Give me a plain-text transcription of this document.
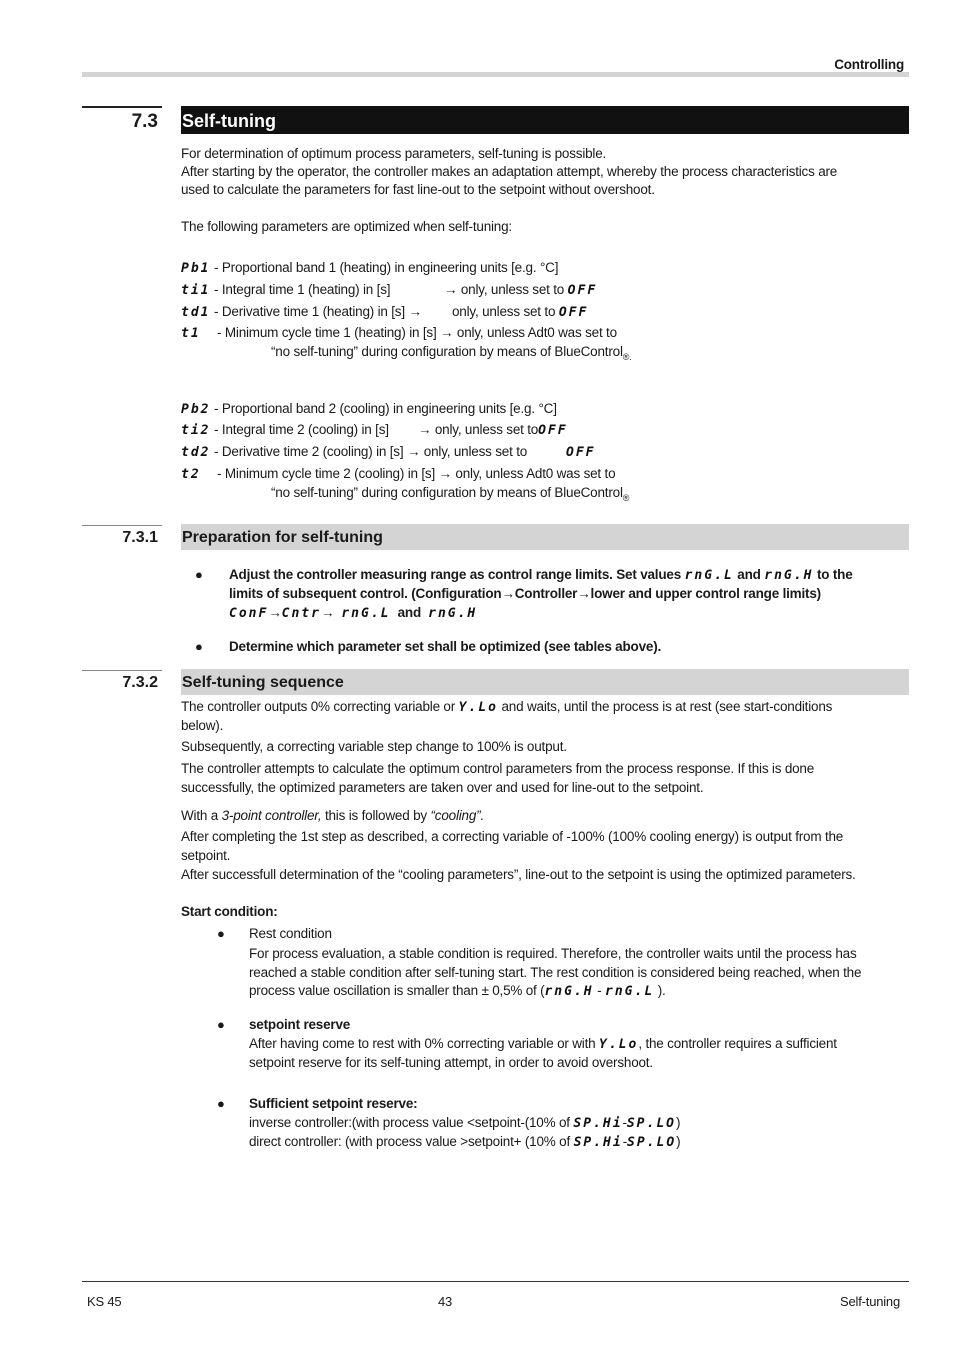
Controlling
7.3 Self-tuning
For determination of optimum process parameters, self-tuning is possible.
After starting by the operator, the controller makes an adaptation attempt, whereby the process characteristics are
used to calculate the parameters for fast line-out to the setpoint without overshoot.
The following parameters are optimized when self-tuning:
Pb1 - Proportional band 1 (heating) in engineering units [e.g. °C]
ti1 - Integral time 1 (heating) in [s]	→ only, unless set to OFF
td1 - Derivative time 1 (heating) in [s] → only, unless set to OFF
t1 - Minimum cycle time 1 (heating) in [s] → only, unless Adt0 was set to
“no self-tuning” during configuration by means of BlueControl$_{®.}$
Pb2 - Proportional band 2 (cooling) in engineering units [e.g. °C]
ti2 - Integral time 2 (cooling) in [s] → only, unless set toOFF
td2 - Derivative time 2 (cooling) in [s] → only, unless set to	OFF
t2 - Minimum cycle time 2 (cooling) in [s] → only, unless Adt0 was set to
“no self-tuning” during configuration by means of BlueControl$_®$
7.3.1 Preparation for self-tuning
● Adjust the controller measuring range as control range limits. Set values rnG.L and rnG.H to the
limits of subsequent control. (Configuration→Controller→lower and upper control range limits)
ConF→Cntr→ rnG.L and rnG.H
● Determine which parameter set shall be optimized (see tables above).
7.3.2 Self-tuning sequence
The controller outputs 0% correcting variable or Y.Lo and waits, until the process is at rest (see start-conditions
below).
Subsequently, a correcting variable step change to 100% is output.
The controller attempts to calculate the optimum control parameters from the process response. If this is done
successfully, the optimized parameters are taken over and used for line-out to the setpoint.
With a 3-point controller, this is followed by “cooling”.
After completing the 1st step as described, a correcting variable of -100% (100% cooling energy) is output from the
setpoint.
After successfull determination of the “cooling parameters”, line-out to the setpoint is using the optimized parameters.
Start condition:
● Rest condition
For process evaluation, a stable condition is required. Therefore, the controller waits until the process has
reached a stable condition after self-tuning start. The rest condition is considered being reached, when the
process value oscillation is smaller than ± 0,5% of (rnG.H - rnG.L ).
● setpoint reserve
After having come to rest with 0% correcting variable or with Y.Lo, the controller requires a sufficient
setpoint reserve for its self-tuning attempt, in order to avoid overshoot.
● Sufficient setpoint reserve:
inverse controller:(with process value <setpoint-(10% of SP.Hi-SP.LO)
direct controller: (with process value >setpoint+ (10% of SP.Hi-SP.LO)
KS 45	43	Self-tuning
